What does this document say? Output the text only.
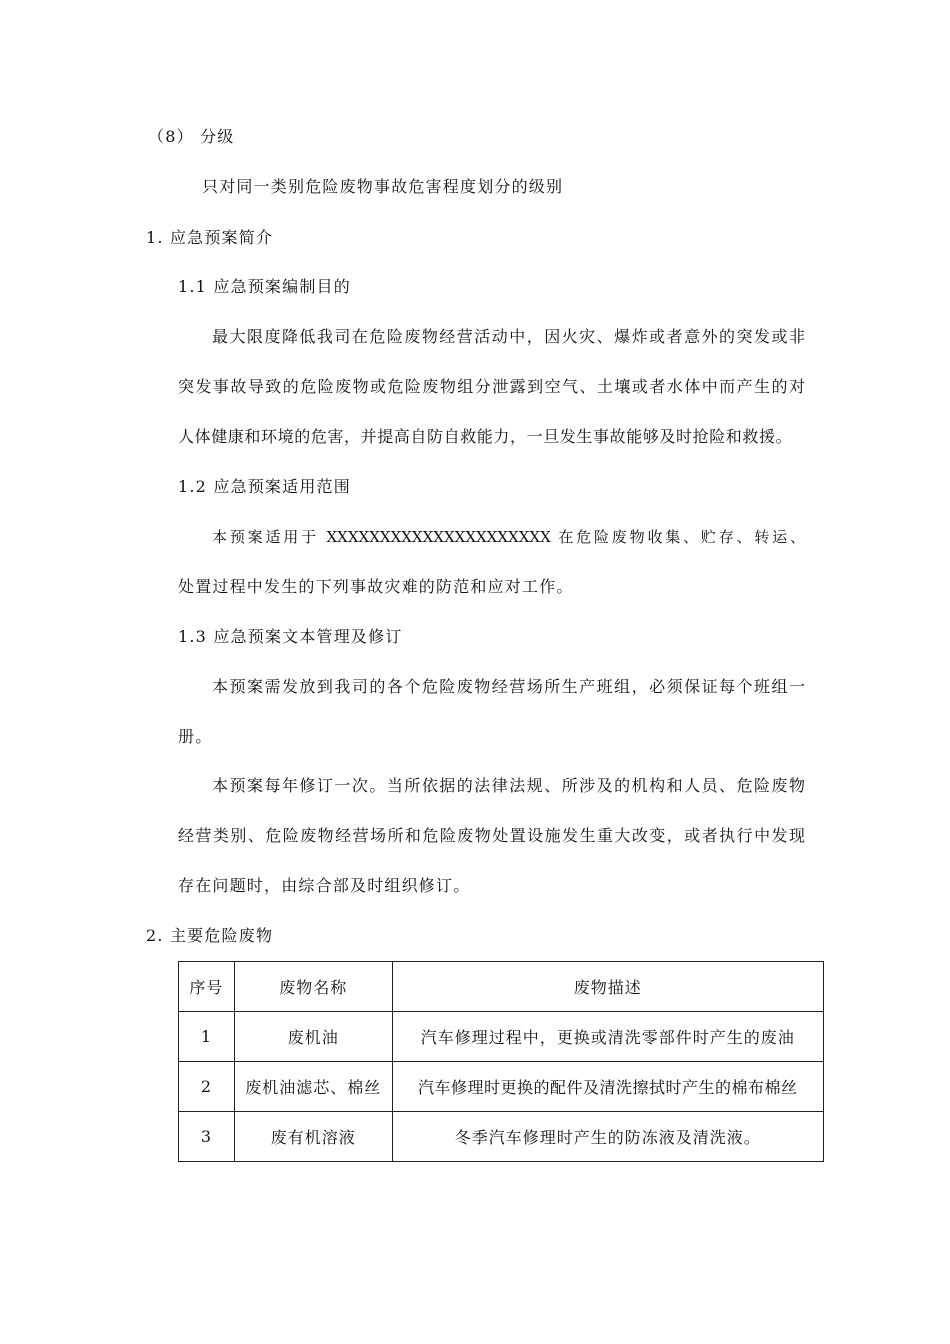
（8） 分级
只对同一类别危险废物事故危害程度划分的级别
1. 应急预案简介
1.1 应急预案编制目的
最大限度降低我司在危险废物经营活动中，因火灾、爆炸或者意外的突发或非
突发事故导致的危险废物或危险废物组分泄露到空气、土壤或者水体中而产生的对
人体健康和环境的危害，并提高自防自救能力，一旦发生事故能够及时抢险和救援。
1.2 应急预案适用范围
本预案适用于 XXXXXXXXXXXXXXXXXXXXX 在危险废物收集、贮存、转运、
处置过程中发生的下列事故灾难的防范和应对工作。
1.3 应急预案文本管理及修订
本预案需发放到我司的各个危险废物经营场所生产班组，必须保证每个班组一
册。
本预案每年修订一次。当所依据的法律法规、所涉及的机构和人员、危险废物
经营类别、危险废物经营场所和危险废物处置设施发生重大改变，或者执行中发现
存在问题时，由综合部及时组织修订。
2. 主要危险废物
序号	废物名称	废物描述
1	废机油	汽车修理过程中，更换或清洗零部件时产生的废油
2	废机油滤芯、棉丝	汽车修理时更换的配件及清洗擦拭时产生的棉布棉丝
3	废有机溶液	冬季汽车修理时产生的防冻液及清洗液。
